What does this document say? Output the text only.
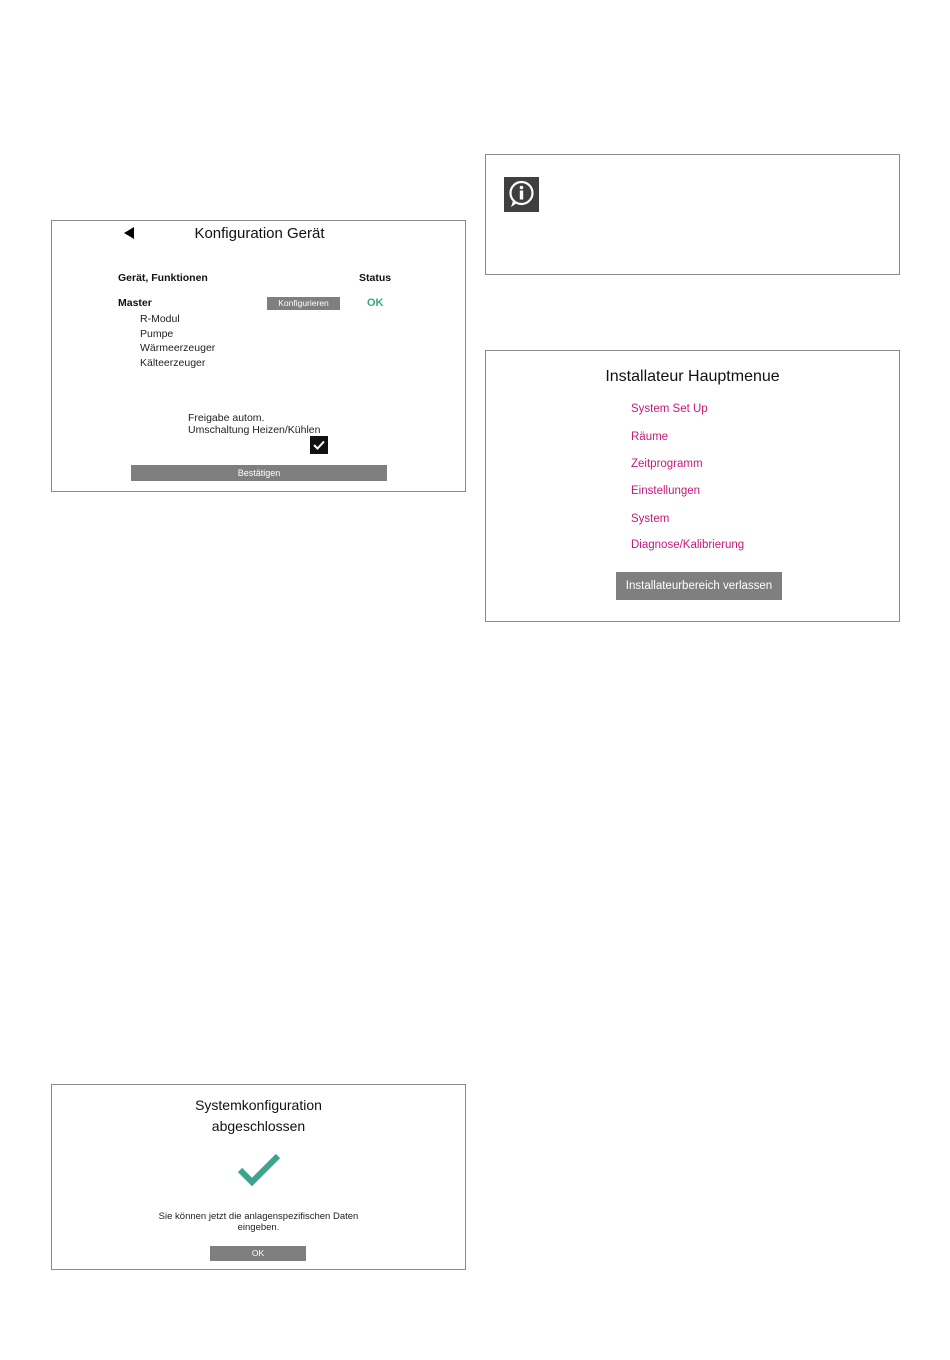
Konfiguration Gerät
Gerät, Funktionen	Status
Master	Konfigurieren	OK
R-Modul
Pumpe
Wärmeerzeuger
Kälteerzeuger
Freigabe autom.
Umschaltung Heizen/Kühlen
Bestätigen
Installateur Hauptmenue
System Set Up
Räume
Zeitprogramm
Einstellungen
System
Diagnose/Kalibrierung
Installateurbereich verlassen
Systemkonfiguration
abgeschlossen
Sie können jetzt die anlagenspezifischen Daten
eingeben.
OK
